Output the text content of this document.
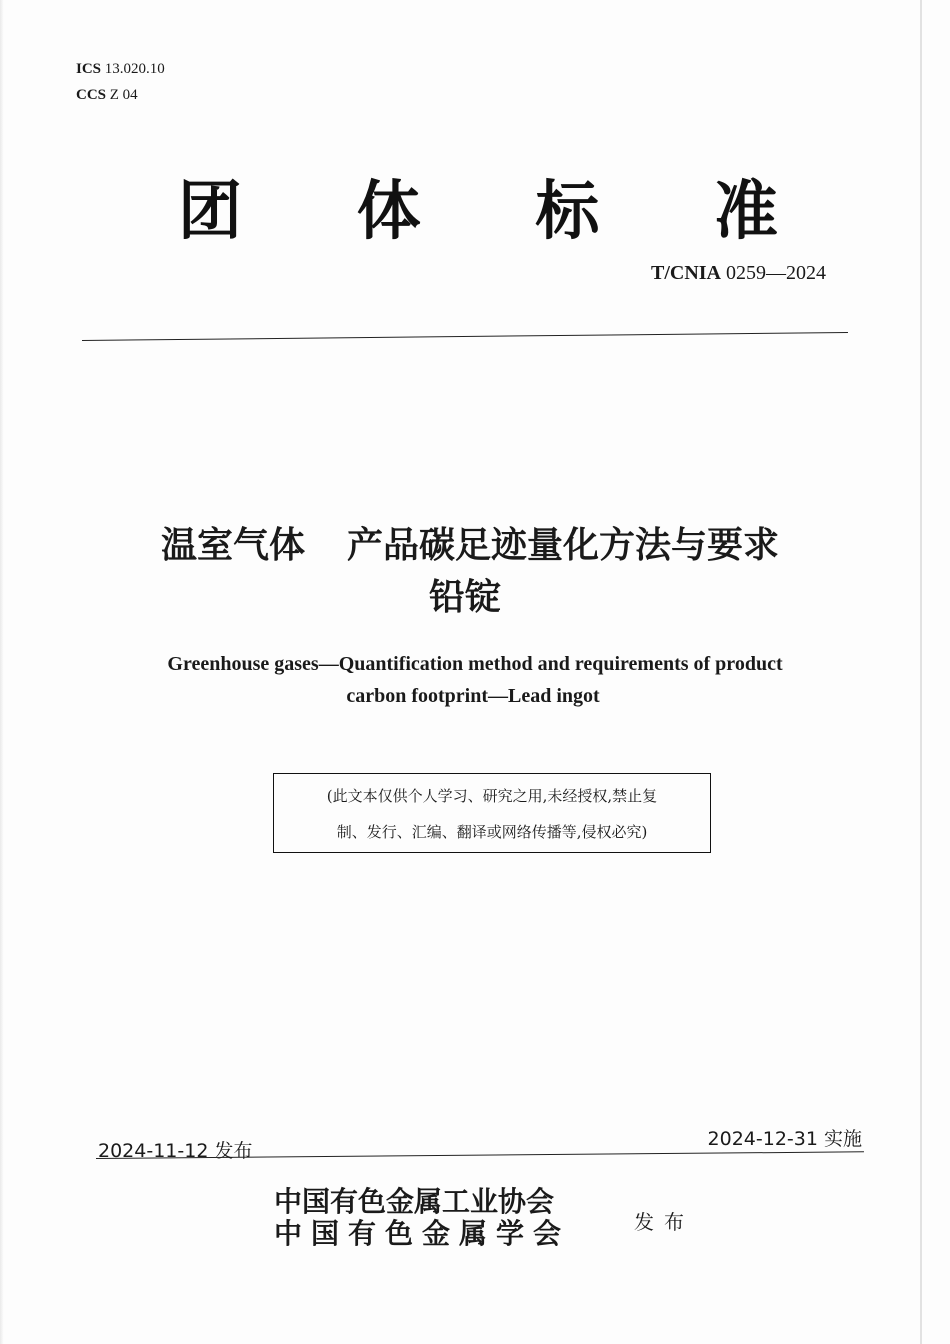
ICS 13.020.10
CCS Z 04
团 体 标 准
T/CNIA 0259—2024
温室气体 产品碳足迹量化方法与要求
铅锭
Greenhouse gases—Quantification method and requirements of product
carbon footprint—Lead ingot
(此文本仅供个人学习、研究之用,未经授权,禁止复
制、发行、汇编、翻译或网络传播等,侵权必究)
2024-11-12 发布
2024-12-31 实施
中国有色金属工业协会
中国有色金属学会	发布
